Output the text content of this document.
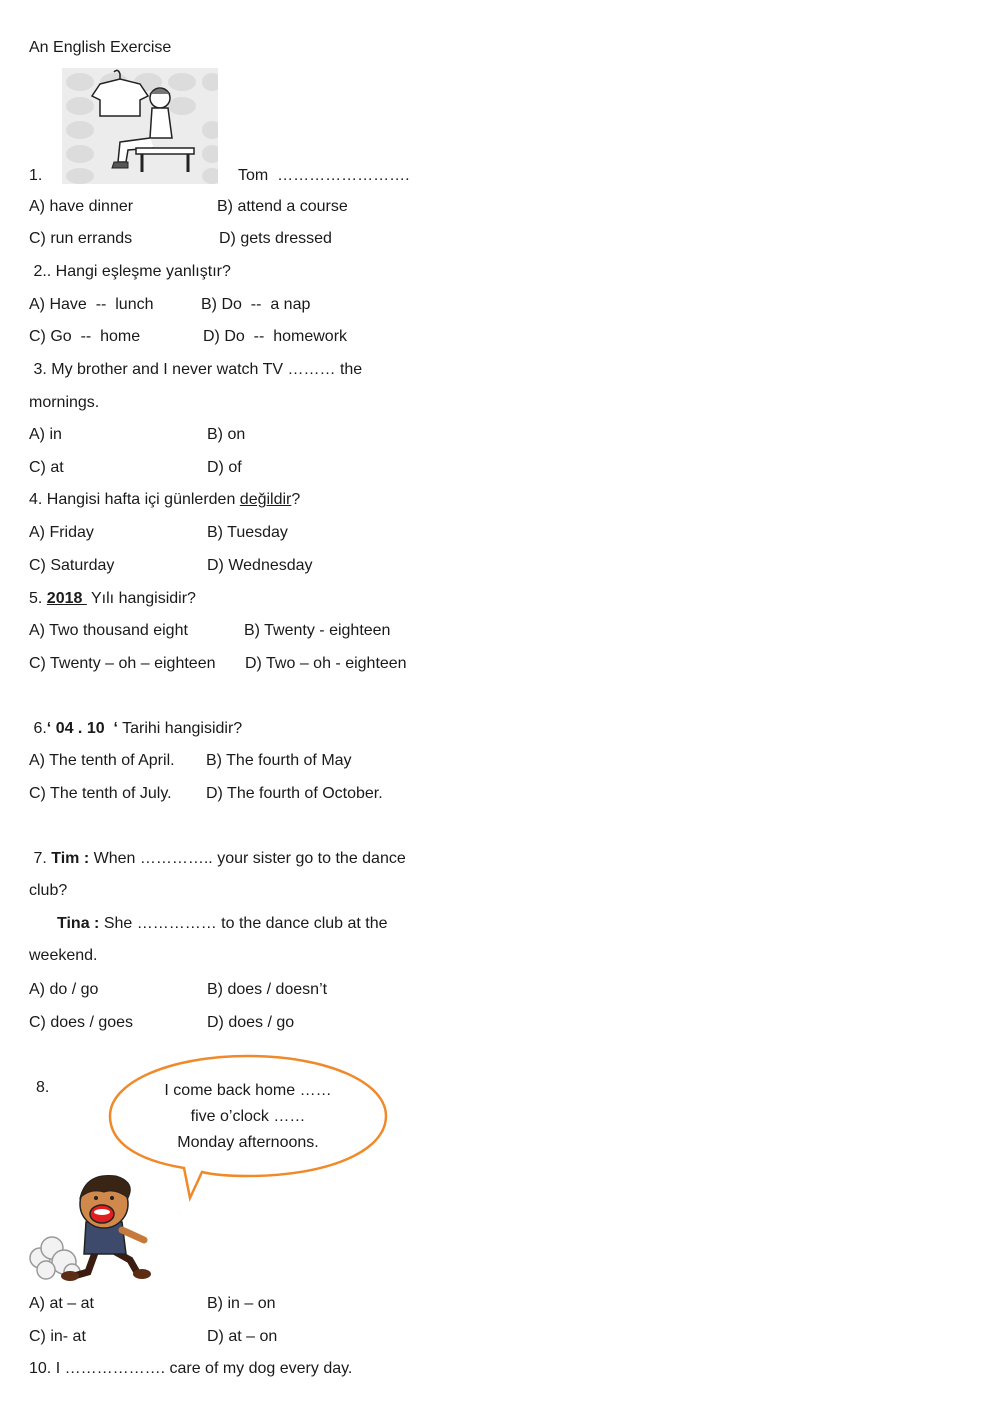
An English Exercise
1.	Tom  …………………….
A) have dinner	B) attend a course
C) run errands	D) gets dressed
2.. Hangi eşleşme yanlıştır?
A) Have  --  lunch	B) Do  --  a nap
C) Go  --  home	D) Do  --  homework
3. My brother and I never watch TV ……… the
mornings.
A) in	B) on
C) at	D) of
4. Hangisi hafta içi günlerden değildir?
A) Friday	B) Tuesday
C) Saturday	D) Wednesday
5. 2018  Yılı hangisidir?
A) Two thousand eight	B) Twenty - eighteen
C) Twenty – oh – eighteen D) Two – oh - eighteen
6.‘ 04 . 10  ‘ Tarihi hangisidir?
A) The tenth of April. B) The fourth of May
C) The tenth of July. D) The fourth of October.
7. Tim : When ………….. your sister go to the dance
club?
Tina : She …………… to the dance club at the
weekend.
A) do / go	B) does / doesn’t
C) does / goes	D) does / go
8.	I come back home ……
five o’clock ……
Monday afternoons.
A) at – at	B) in – on
C) in- at	D) at – on
10. I ………………. care of my dog every day.
